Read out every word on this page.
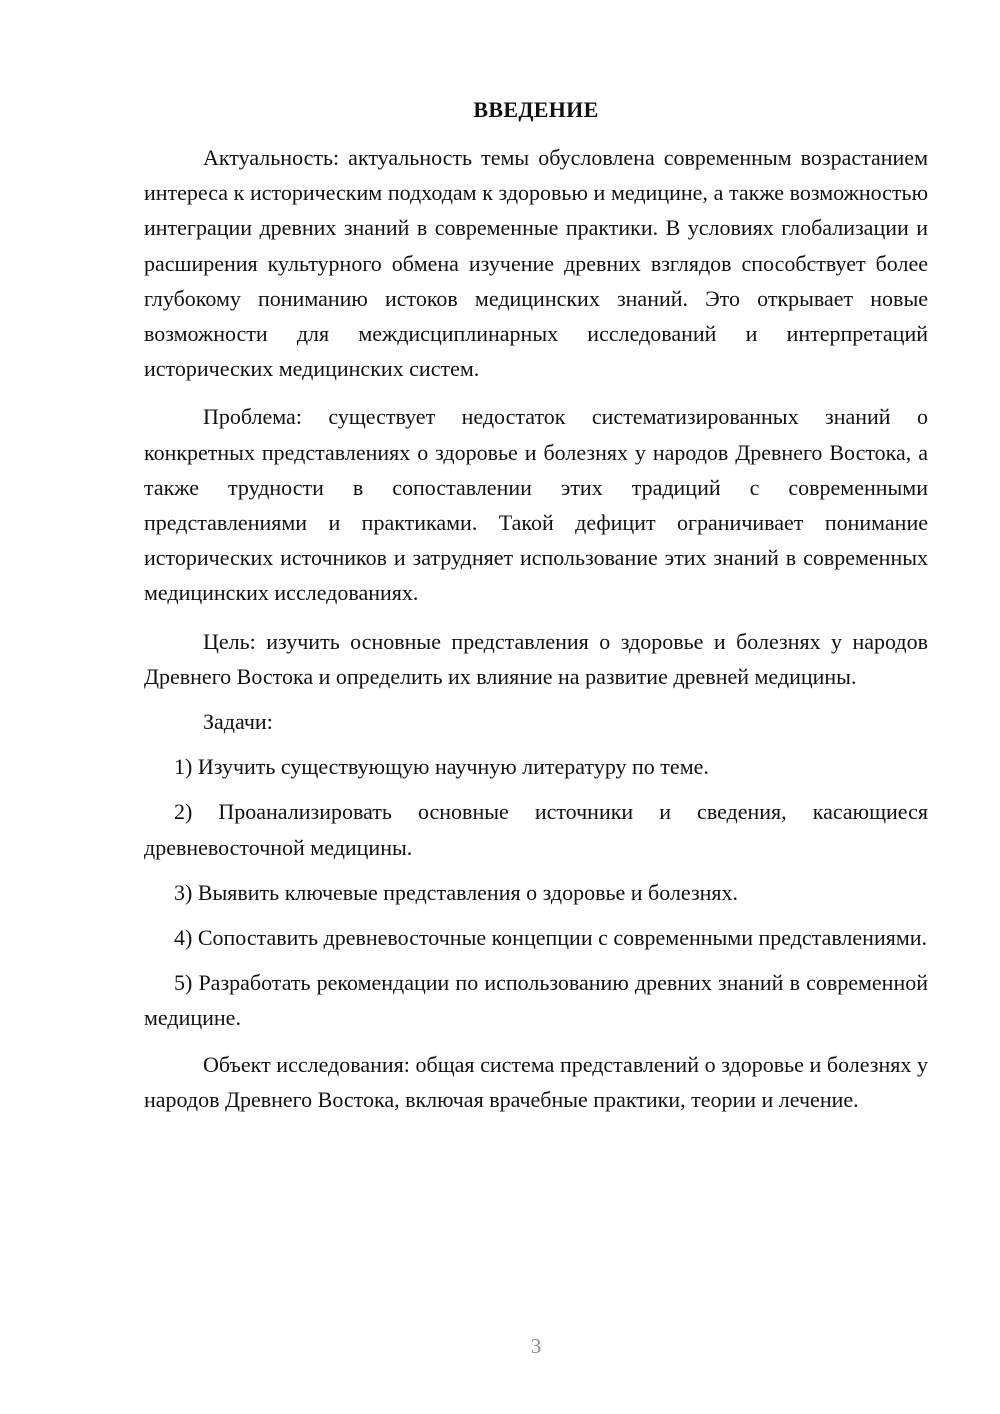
ВВЕДЕНИЕ

Актуальность: актуальность темы обусловлена современным возрастанием интереса к историческим подходам к здоровью и медицине, а также возможностью интеграции древних знаний в современные практики. В условиях глобализации и расширения культурного обмена изучение древних взглядов способствует более глубокому пониманию истоков медицинских знаний. Это открывает новые возможности для междисциплинарных исследований и интерпретаций исторических медицинских систем.

Проблема: существует недостаток систематизированных знаний о конкретных представлениях о здоровье и болезнях у народов Древнего Востока, а также трудности в сопоставлении этих традиций с современными представлениями и практиками. Такой дефицит ограничивает понимание исторических источников и затрудняет использование этих знаний в современных медицинских исследованиях.

Цель: изучить основные представления о здоровье и болезнях у народов Древнего Востока и определить их влияние на развитие древней медицины.

Задачи:

1) Изучить существующую научную литературу по теме.

2) Проанализировать основные источники и сведения, касающиеся древневосточной медицины.

3) Выявить ключевые представления о здоровье и болезнях.

4) Сопоставить древневосточные концепции с современными представлениями.

5) Разработать рекомендации по использованию древних знаний в современной медицине.

Объект исследования: общая система представлений о здоровье и болезнях у народов Древнего Востока, включая врачебные практики, теории и лечение.

3
